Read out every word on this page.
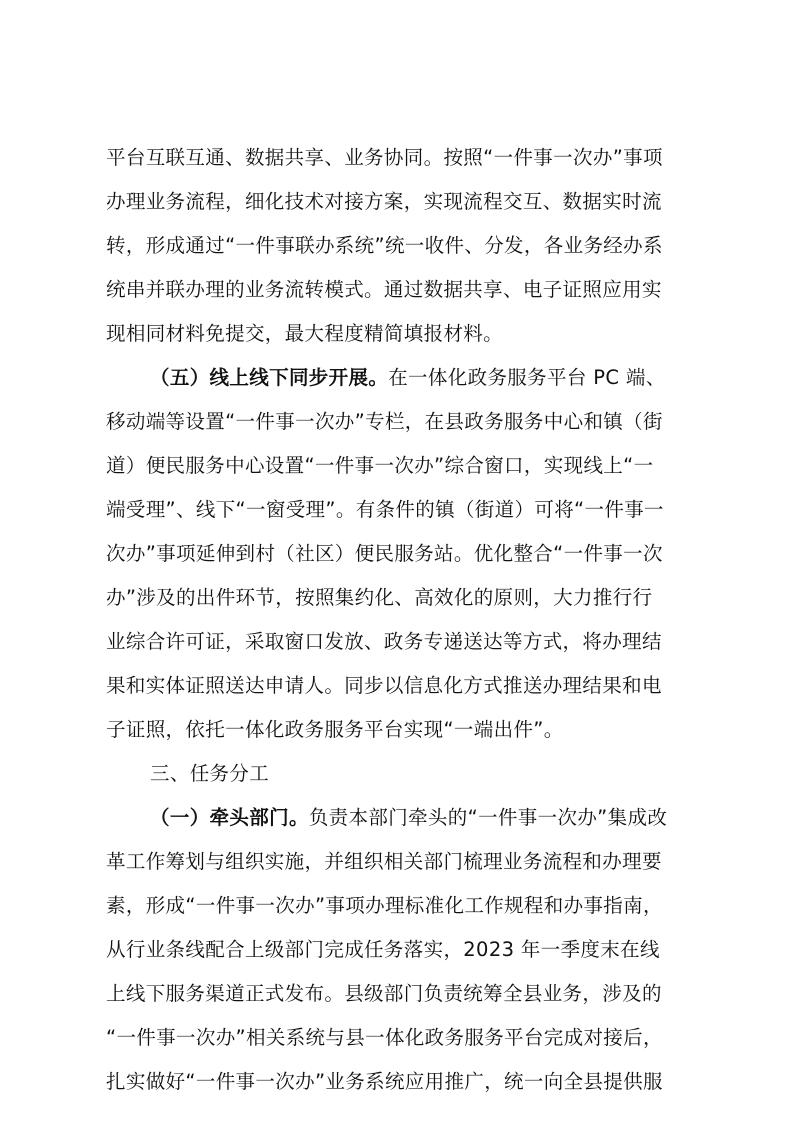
平台互联互通、数据共享、业务协同。按照“一件事一次办”事项
办理业务流程，细化技术对接方案，实现流程交互、数据实时流
转，形成通过“一件事联办系统”统一收件、分发，各业务经办系
统串并联办理的业务流转模式。通过数据共享、电子证照应用实
现相同材料免提交，最大程度精简填报材料。
（五）线上线下同步开展。在一体化政务服务平台 PC 端、
移动端等设置“一件事一次办”专栏，在县政务服务中心和镇（街
道）便民服务中心设置“一件事一次办”综合窗口，实现线上“一
端受理”、线下“一窗受理”。有条件的镇（街道）可将“一件事一
次办”事项延伸到村（社区）便民服务站。优化整合“一件事一次
办”涉及的出件环节，按照集约化、高效化的原则，大力推行行
业综合许可证，采取窗口发放、政务专递送达等方式，将办理结
果和实体证照送达申请人。同步以信息化方式推送办理结果和电
子证照，依托一体化政务服务平台实现“一端出件”。
三、任务分工
（一）牵头部门。负责本部门牵头的“一件事一次办”集成改
革工作筹划与组织实施，并组织相关部门梳理业务流程和办理要
素，形成“一件事一次办”事项办理标准化工作规程和办事指南，
从行业条线配合上级部门完成任务落实，2023 年一季度末在线
上线下服务渠道正式发布。县级部门负责统筹全县业务，涉及的
“一件事一次办”相关系统与县一体化政务服务平台完成对接后，
扎实做好“一件事一次办”业务系统应用推广，统一向全县提供服
